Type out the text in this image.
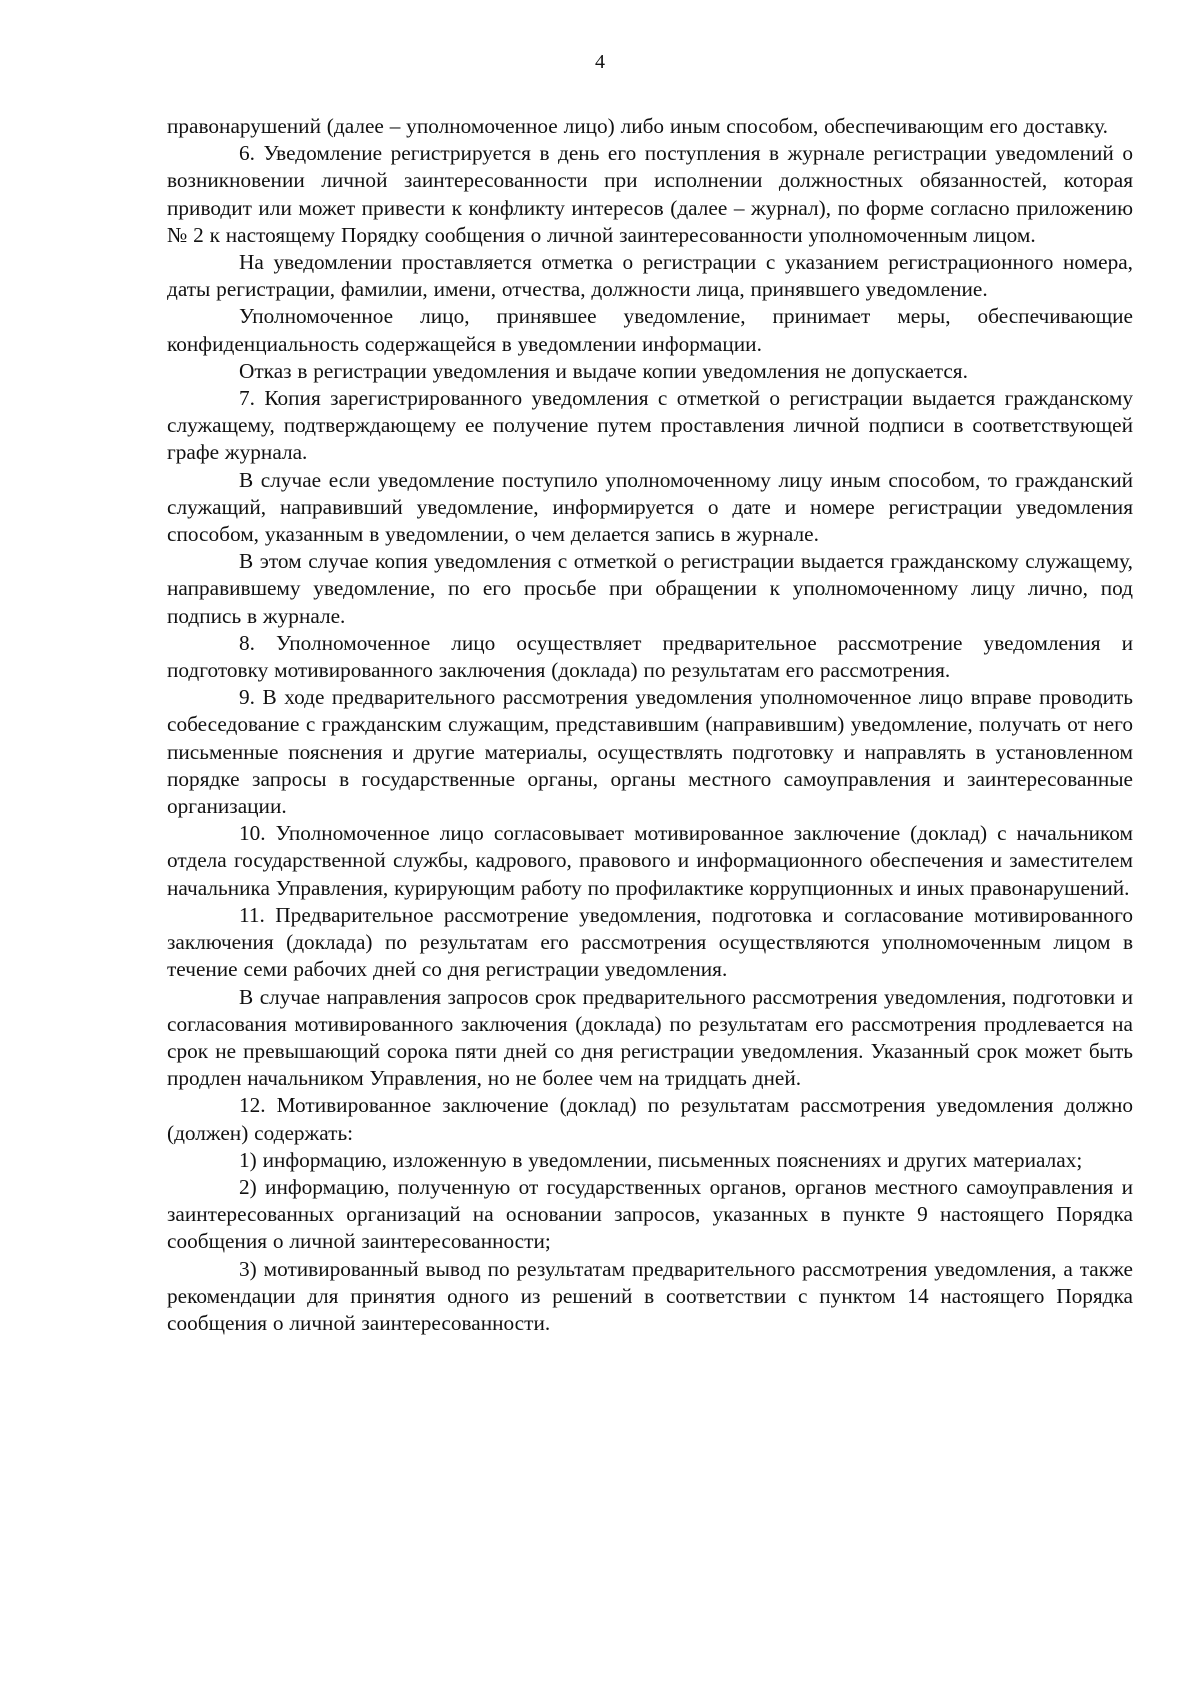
4

правонарушений (далее – уполномоченное лицо) либо иным способом, обеспечивающим его доставку.

6. Уведомление регистрируется в день его поступления в журнале регистрации уведомлений о возникновении личной заинтересованности при исполнении должностных обязанностей, которая приводит или может привести к конфликту интересов (далее – журнал), по форме согласно приложению № 2 к настоящему Порядку сообщения о личной заинтересованности уполномоченным лицом.

На уведомлении проставляется отметка о регистрации с указанием регистрационного номера, даты регистрации, фамилии, имени, отчества, должности лица, принявшего уведомление.

Уполномоченное лицо, принявшее уведомление, принимает меры, обеспечивающие конфиденциальность содержащейся в уведомлении информации.

Отказ в регистрации уведомления и выдаче копии уведомления не допускается.

7. Копия зарегистрированного уведомления с отметкой о регистрации выдается гражданскому служащему, подтверждающему ее получение путем проставления личной подписи в соответствующей графе журнала.

В случае если уведомление поступило уполномоченному лицу иным способом, то гражданский служащий, направивший уведомление, информируется о дате и номере регистрации уведомления способом, указанным в уведомлении, о чем делается запись в журнале.

В этом случае копия уведомления с отметкой о регистрации выдается гражданскому служащему, направившему уведомление, по его просьбе при обращении к уполномоченному лицу лично, под подпись в журнале.

8. Уполномоченное лицо осуществляет предварительное рассмотрение уведомления и подготовку мотивированного заключения (доклада) по результатам его рассмотрения.

9. В ходе предварительного рассмотрения уведомления уполномоченное лицо вправе проводить собеседование с гражданским служащим, представившим (направившим) уведомление, получать от него письменные пояснения и другие материалы, осуществлять подготовку и направлять в установленном порядке запросы в государственные органы, органы местного самоуправления и заинтересованные организации.

10. Уполномоченное лицо согласовывает мотивированное заключение (доклад) с начальником отдела государственной службы, кадрового, правового и информационного обеспечения и заместителем начальника Управления, курирующим работу по профилактике коррупционных и иных правонарушений.

11. Предварительное рассмотрение уведомления, подготовка и согласование мотивированного заключения (доклада) по результатам его рассмотрения осуществляются уполномоченным лицом в течение семи рабочих дней со дня регистрации уведомления.

В случае направления запросов срок предварительного рассмотрения уведомления, подготовки и согласования мотивированного заключения (доклада) по результатам его рассмотрения продлевается на срок не превышающий сорока пяти дней со дня регистрации уведомления. Указанный срок может быть продлен начальником Управления, но не более чем на тридцать дней.

12. Мотивированное заключение (доклад) по результатам рассмотрения уведомления должно (должен) содержать:

1) информацию, изложенную в уведомлении, письменных пояснениях и других материалах;

2) информацию, полученную от государственных органов, органов местного самоуправления и заинтересованных организаций на основании запросов, указанных в пункте 9 настоящего Порядка сообщения о личной заинтересованности;

3) мотивированный вывод по результатам предварительного рассмотрения уведомления, а также рекомендации для принятия одного из решений в соответствии с пунктом 14 настоящего Порядка сообщения о личной заинтересованности.
